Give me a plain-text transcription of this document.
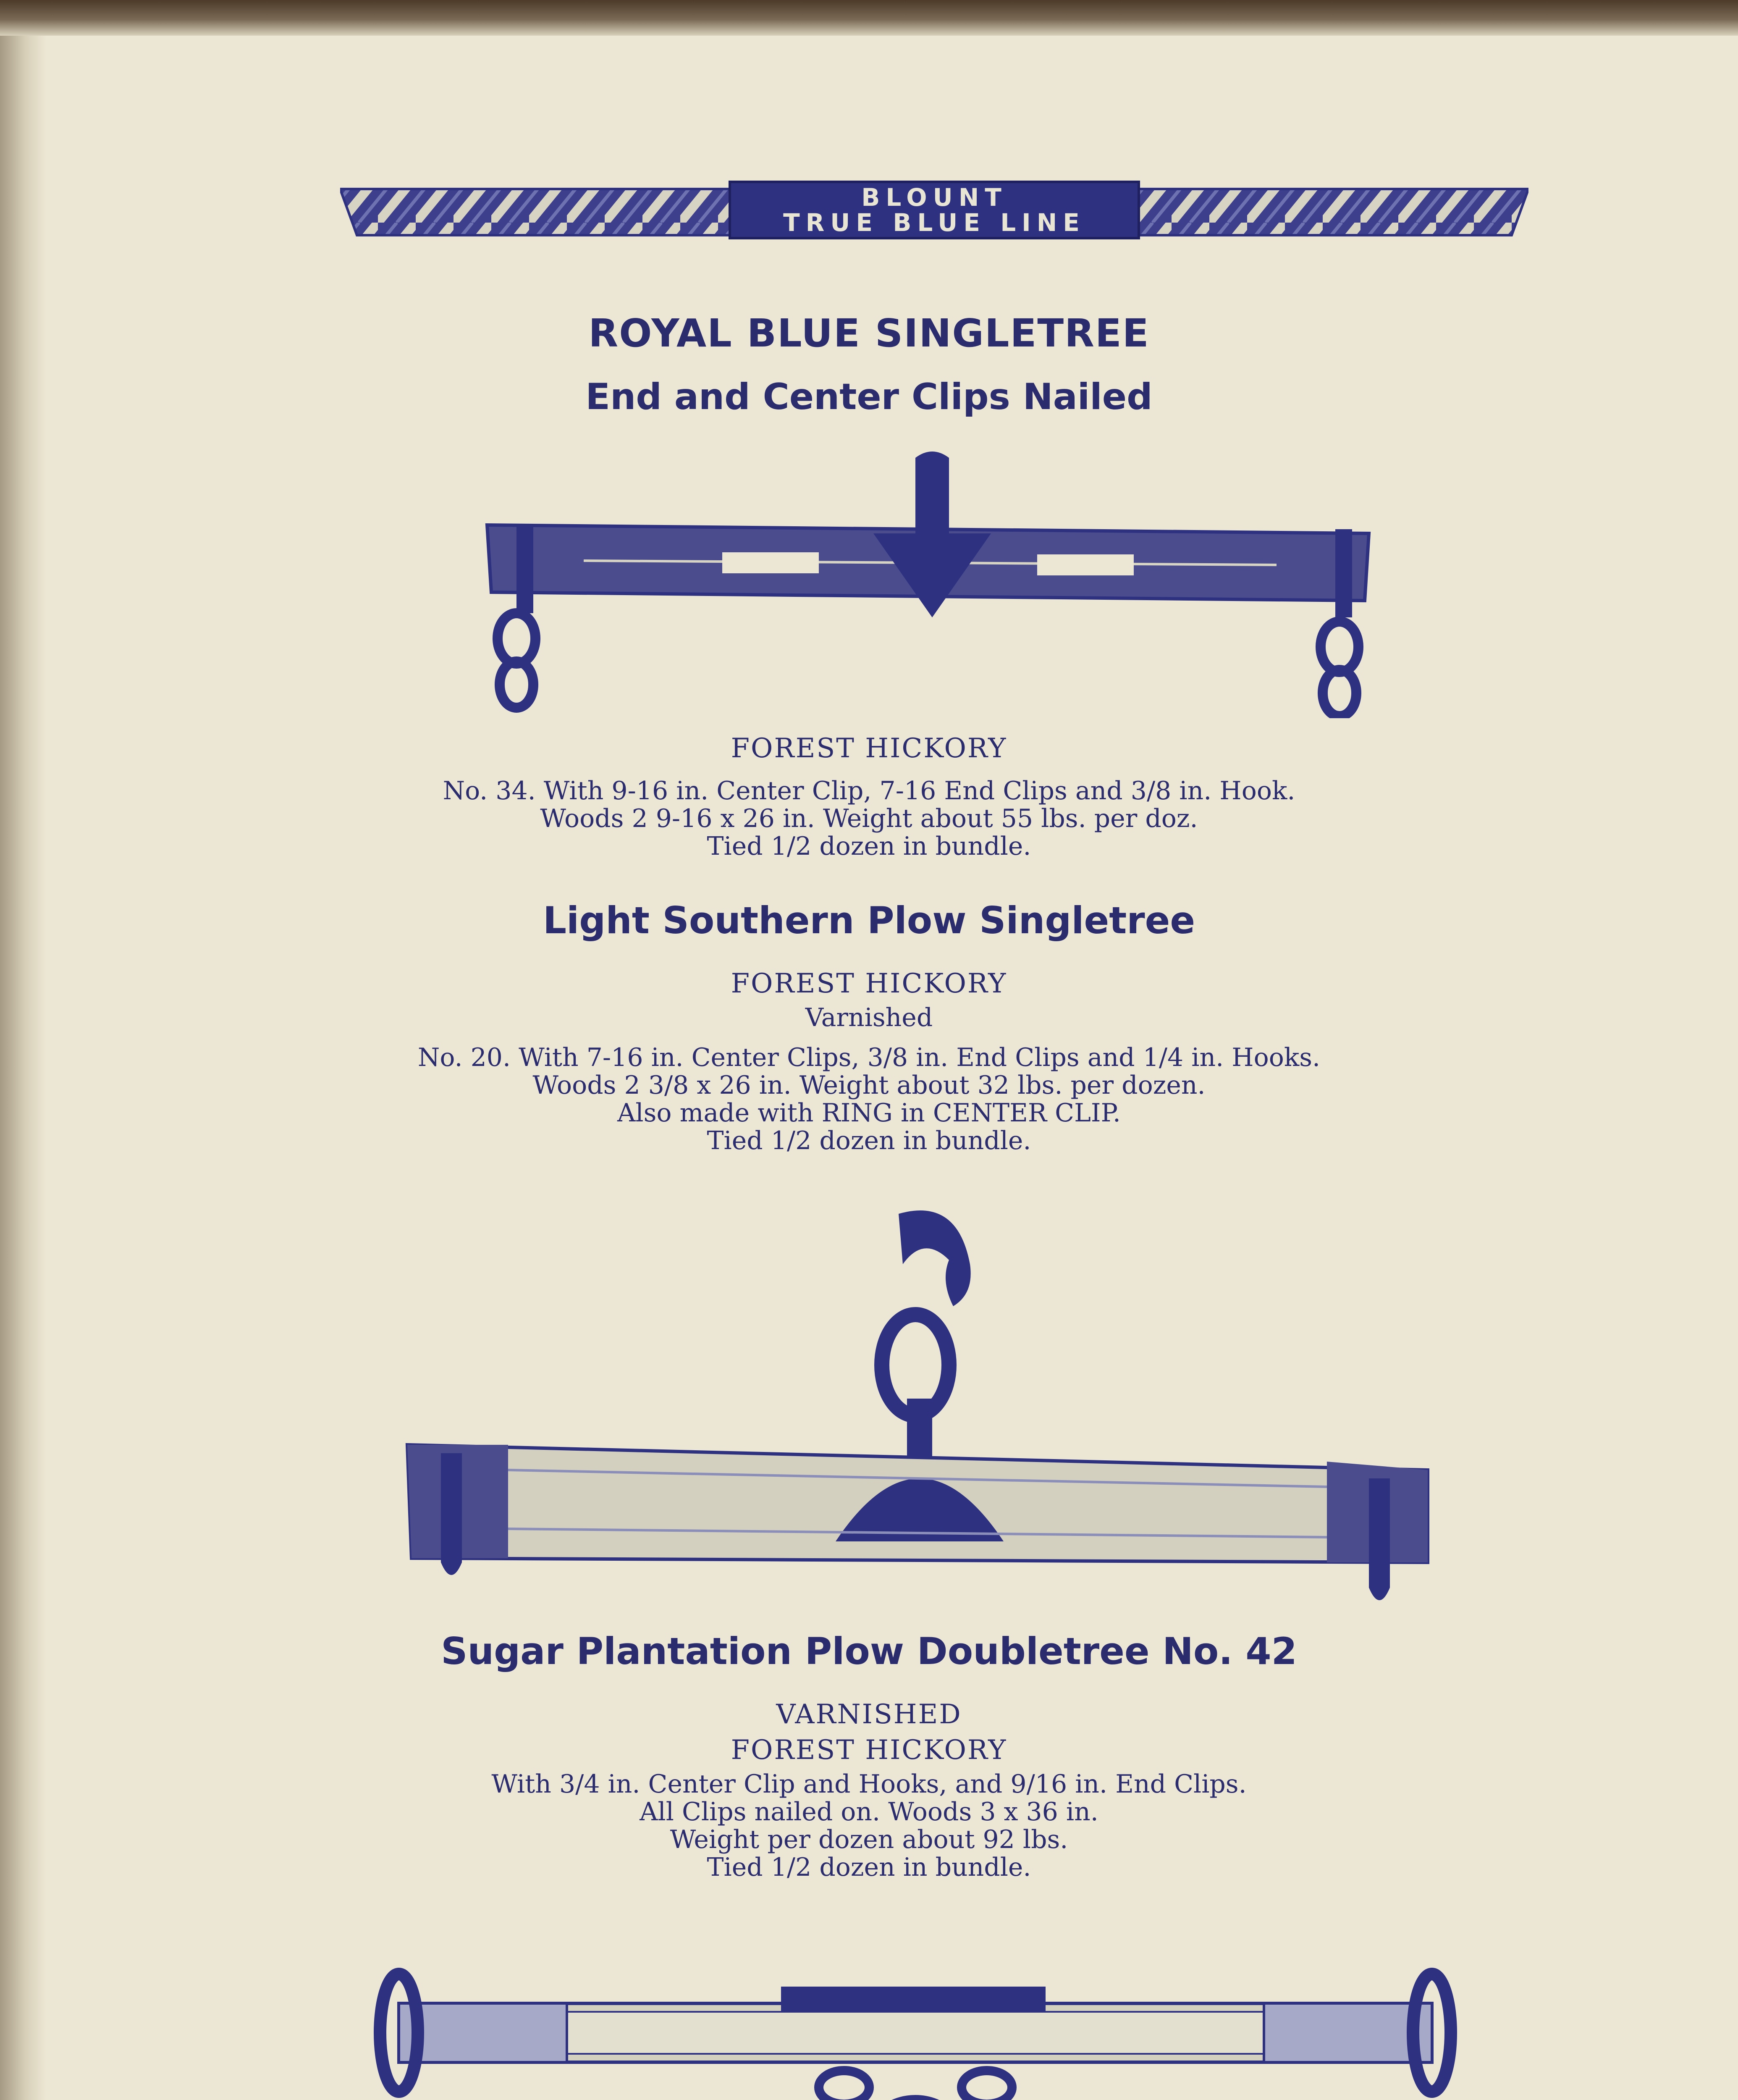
BLOUNT
TRUE BLUE LINE

ROYAL BLUE SINGLETREE

End and Center Clips Nailed

FOREST HICKORY

No. 34. With 9-16 in. Center Clip, 7-16 End Clips and 3/8 in. Hook.

Woods 2 9-16 x 26 in. Weight about 55 lbs. per doz.

Tied 1/2 dozen in bundle.

Light Southern Plow Singletree

FOREST HICKORY

Varnished

No. 20. With 7-16 in. Center Clips, 3/8 in. End Clips and 1/4 in. Hooks.

Woods 2 3/8 x 26 in. Weight about 32 lbs. per dozen.

Also made with RING in CENTER CLIP.

Tied 1/2 dozen in bundle.

Sugar Plantation Plow Doubletree No. 42

VARNISHED

FOREST HICKORY

With 3/4 in. Center Clip and Hooks, and 9/16 in. End Clips.

All Clips nailed on. Woods 3 x 36 in.

Weight per dozen about 92 lbs.

Tied 1/2 dozen in bundle.
